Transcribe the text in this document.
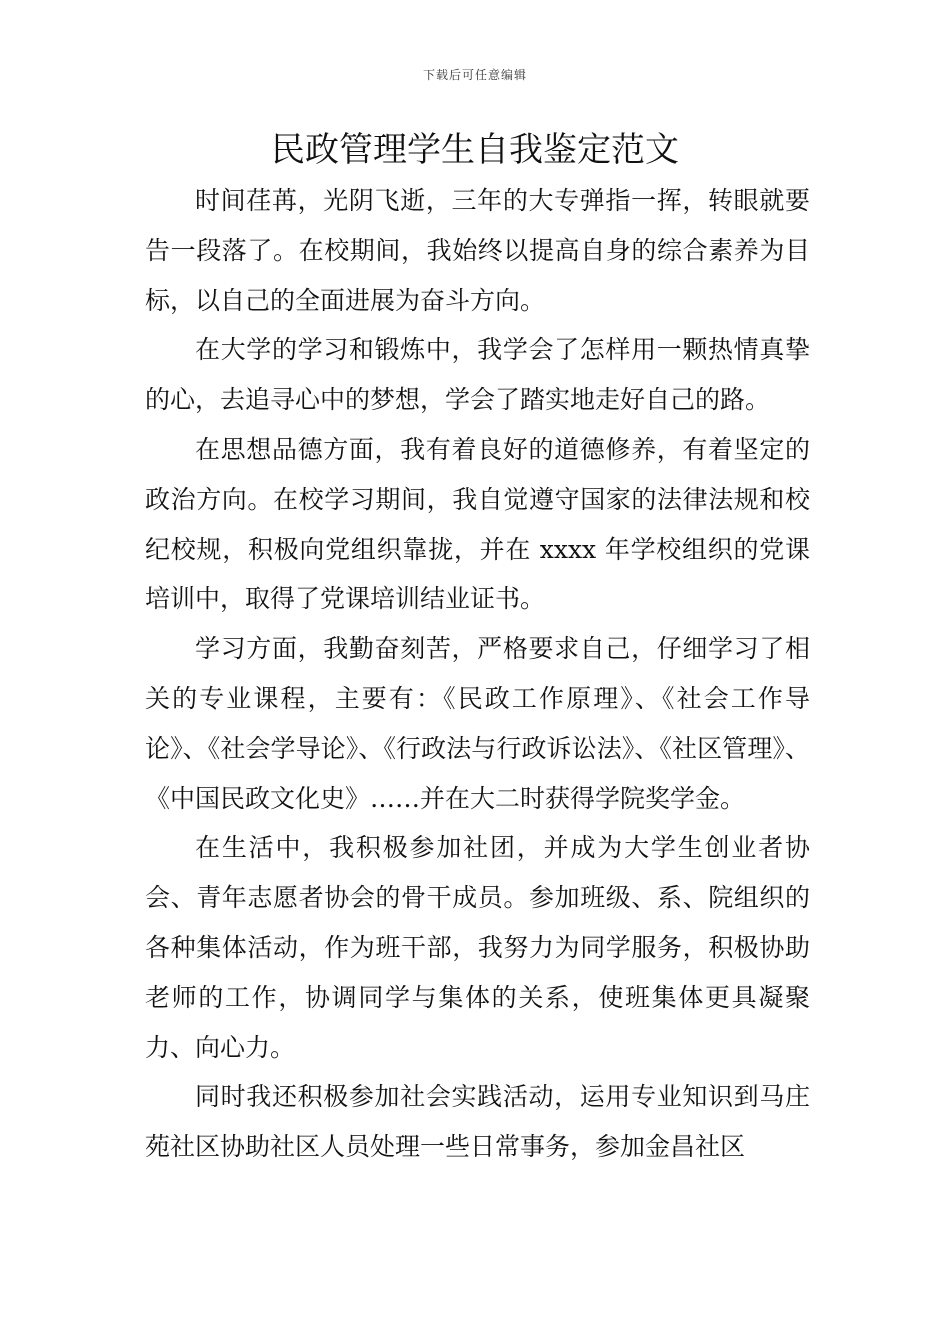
下载后可任意编辑
民政管理学生自我鉴定范文

时间荏苒，光阴飞逝，三年的大专弹指一挥，转眼就要告一段落了。在校期间，我始终以提高自身的综合素养为目标，以自己的全面进展为奋斗方向。

在大学的学习和锻炼中，我学会了怎样用一颗热情真挚的心，去追寻心中的梦想，学会了踏实地走好自己的路。

在思想品德方面，我有着良好的道德修养，有着坚定的政治方向。在校学习期间，我自觉遵守国家的法律法规和校纪校规，积极向党组织靠拢，并在 xxxx 年学校组织的党课培训中，取得了党课培训结业证书。

学习方面，我勤奋刻苦，严格要求自己，仔细学习了相关的专业课程，主要有：《民政工作原理》、《社会工作导论》、《社会学导论》、《行政法与行政诉讼法》、《社区管理》、《中国民政文化史》……并在大二时获得学院奖学金。

在生活中，我积极参加社团，并成为大学生创业者协会、青年志愿者协会的骨干成员。参加班级、系、院组织的各种集体活动，作为班干部，我努力为同学服务，积极协助老师的工作，协调同学与集体的关系，使班集体更具凝聚力、向心力。

同时我还积极参加社会实践活动，运用专业知识到马庄苑社区协助社区人员处理一些日常事务，参加金昌社区
